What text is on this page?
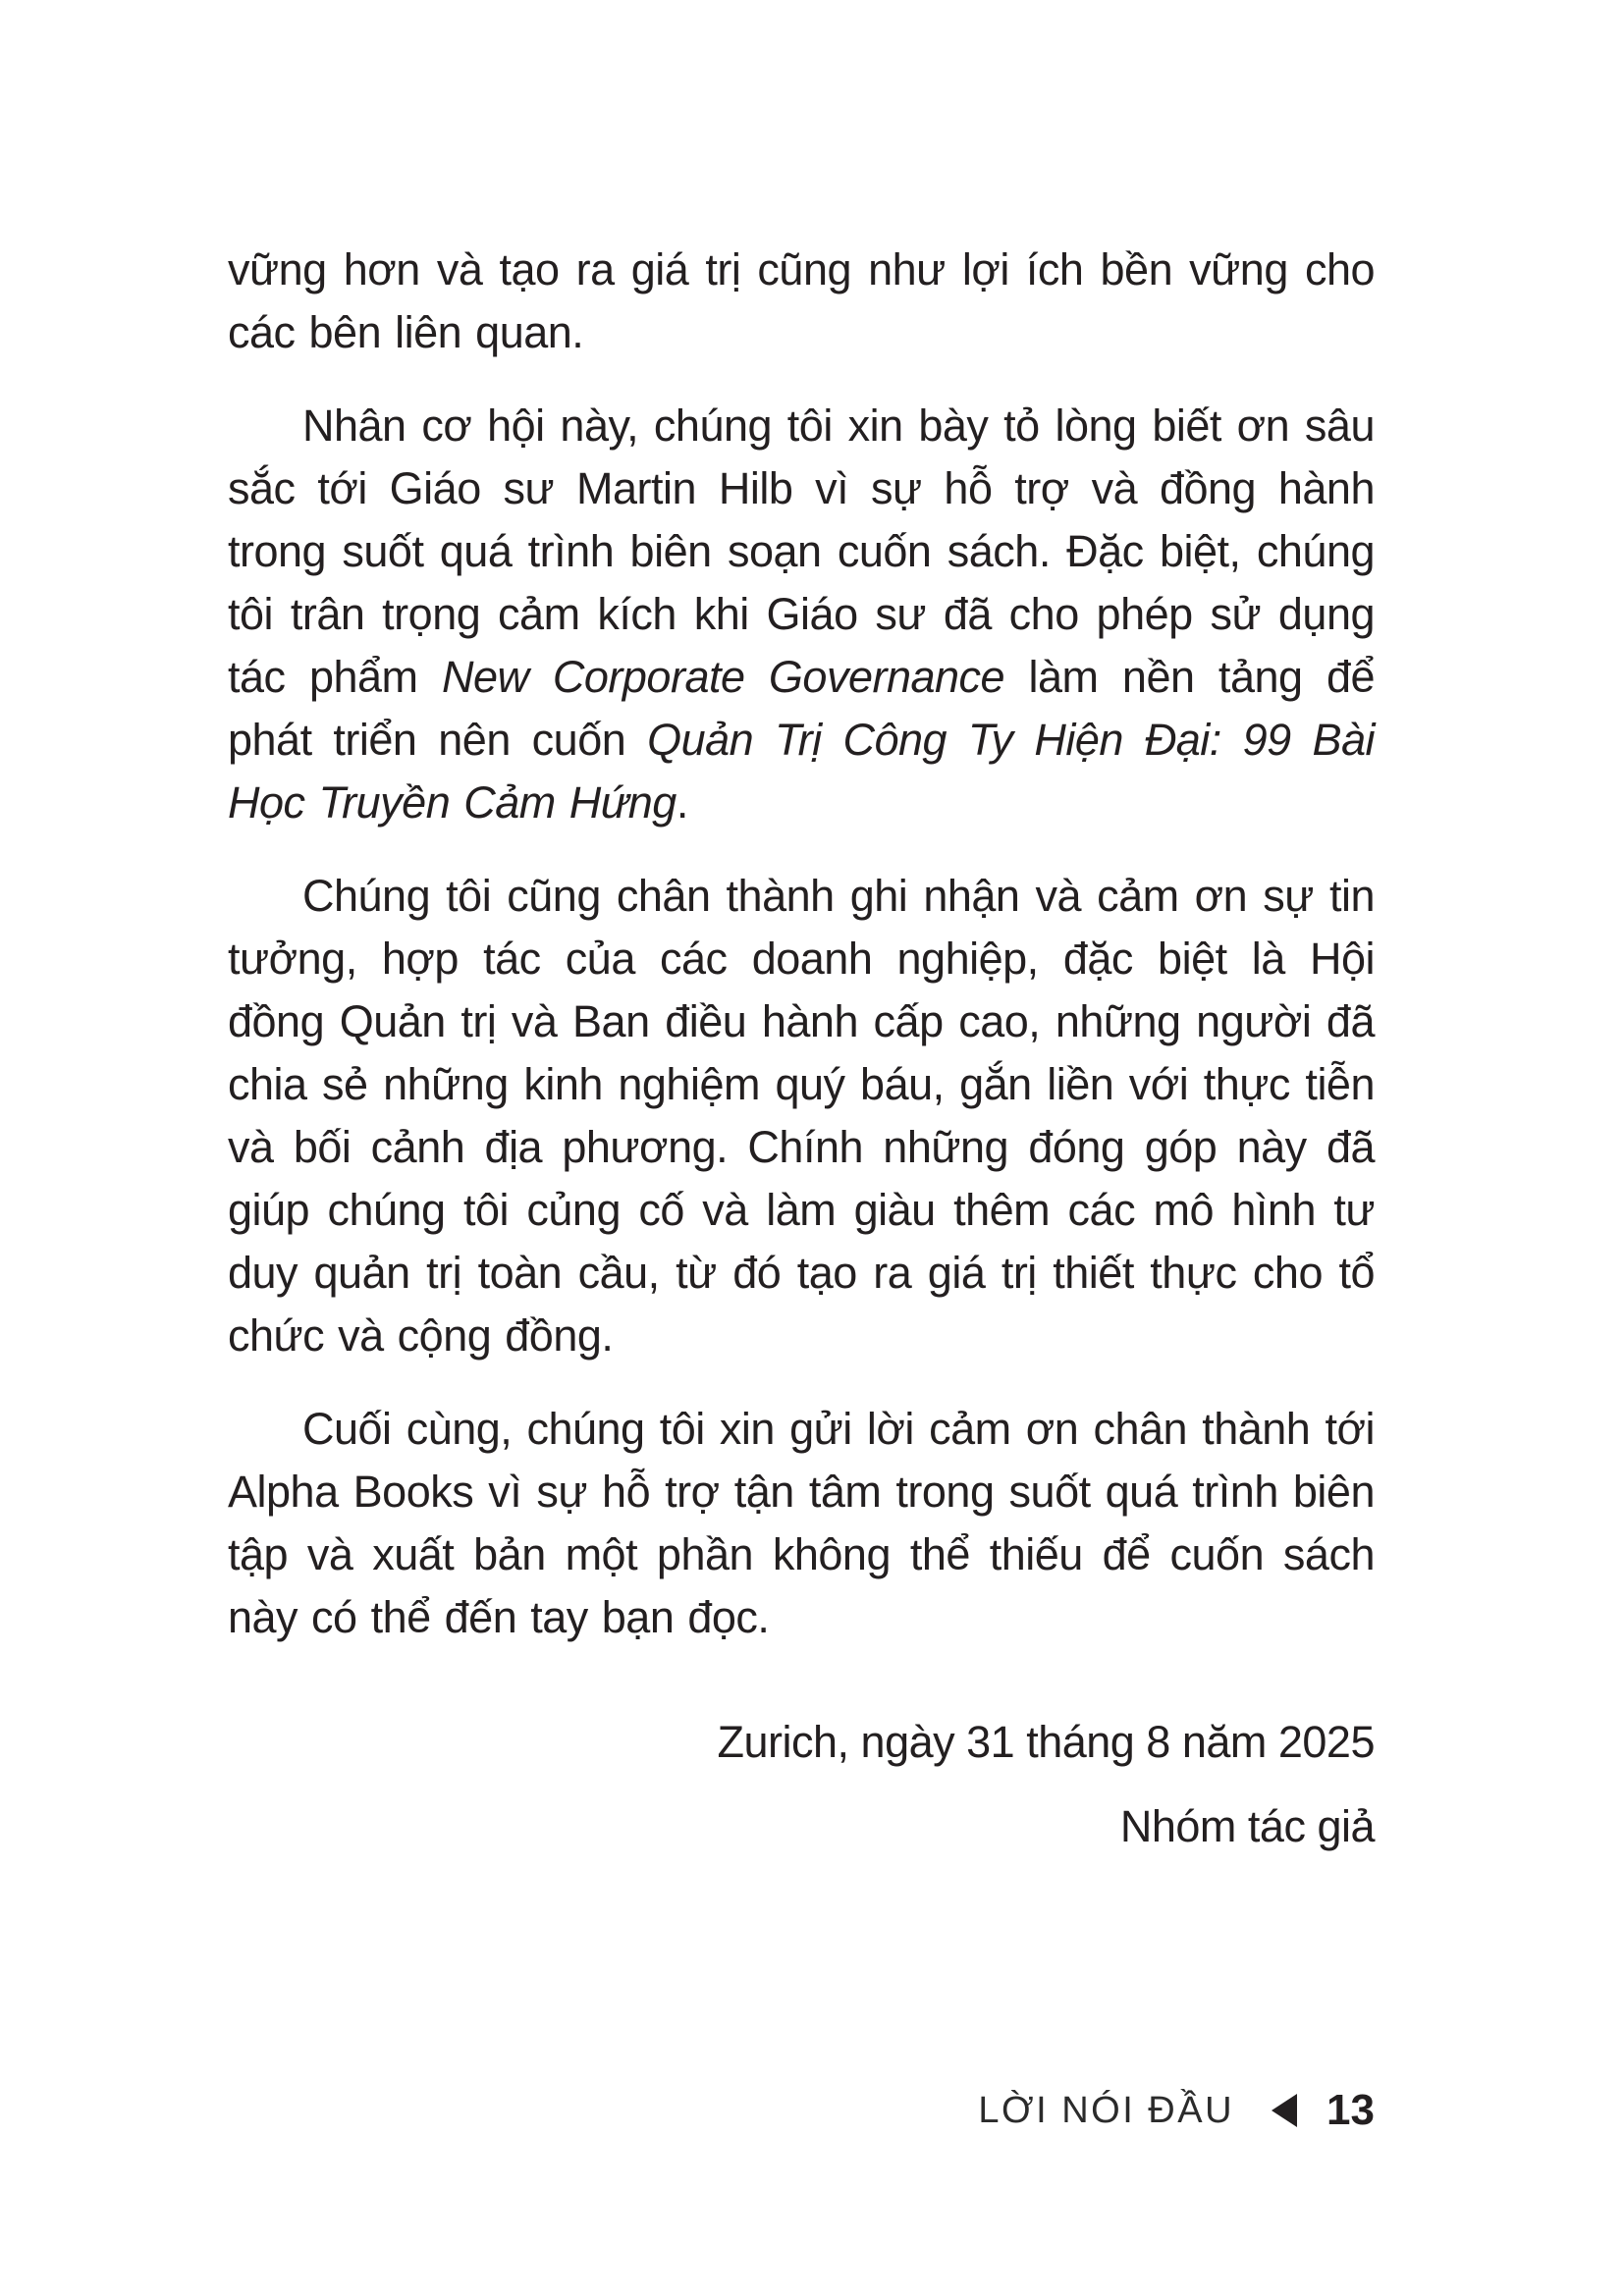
vững hơn và tạo ra giá trị cũng như lợi ích bền vững cho các bên liên quan.

Nhân cơ hội này, chúng tôi xin bày tỏ lòng biết ơn sâu sắc tới Giáo sư Martin Hilb vì sự hỗ trợ và đồng hành trong suốt quá trình biên soạn cuốn sách. Đặc biệt, chúng tôi trân trọng cảm kích khi Giáo sư đã cho phép sử dụng tác phẩm New Corporate Governance làm nền tảng để phát triển nên cuốn Quản Trị Công Ty Hiện Đại: 99 Bài Học Truyền Cảm Hứng.

Chúng tôi cũng chân thành ghi nhận và cảm ơn sự tin tưởng, hợp tác của các doanh nghiệp, đặc biệt là Hội đồng Quản trị và Ban điều hành cấp cao, những người đã chia sẻ những kinh nghiệm quý báu, gắn liền với thực tiễn và bối cảnh địa phương. Chính những đóng góp này đã giúp chúng tôi củng cố và làm giàu thêm các mô hình tư duy quản trị toàn cầu, từ đó tạo ra giá trị thiết thực cho tổ chức và cộng đồng.

Cuối cùng, chúng tôi xin gửi lời cảm ơn chân thành tới Alpha Books vì sự hỗ trợ tận tâm trong suốt quá trình biên tập và xuất bản một phần không thể thiếu để cuốn sách này có thể đến tay bạn đọc.

Zurich, ngày 31 tháng 8 năm 2025
Nhóm tác giả
LỜI NÓI ĐẦU 13
